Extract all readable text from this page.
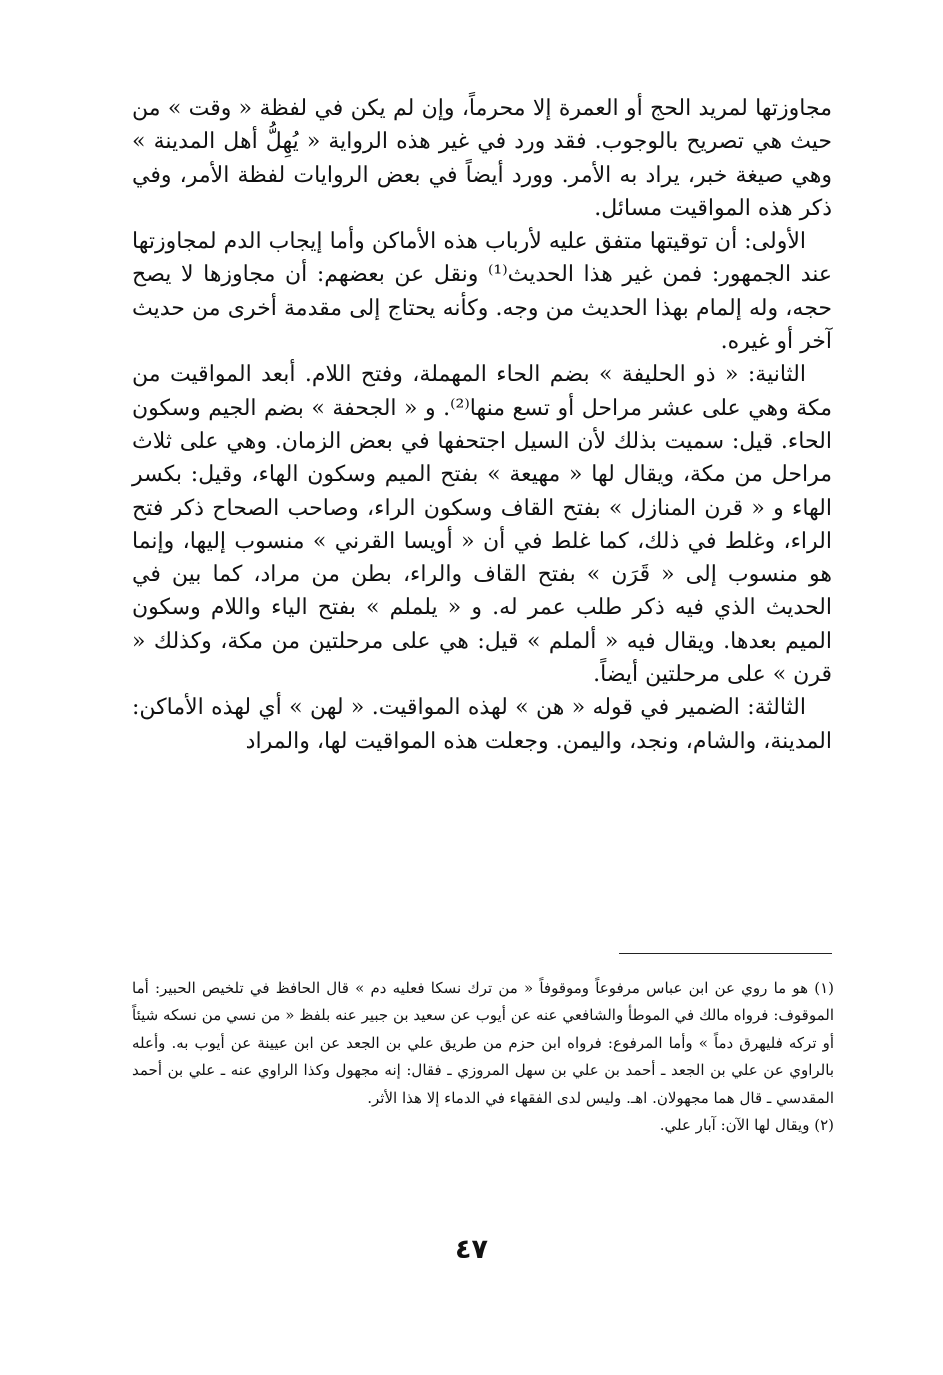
مجاوزتها لمريد الحج أو العمرة إلا محرماً، وإن لم يكن في لفظة « وقت » من حيث هي تصريح بالوجوب. فقد ورد في غير هذه الرواية « يُهِلُّ أهل المدينة » وهي صيغة خبر، يراد به الأمر. وورد أيضاً في بعض الروايات لفظة الأمر، وفي ذكر هذه المواقيت مسائل.

الأولى: أن توقيتها متفق عليه لأرباب هذه الأماكن وأما إيجاب الدم لمجاوزتها عند الجمهور: فمن غير هذا الحديث⁽¹⁾ ونقل عن بعضهم: أن مجاوزها لا يصح حجه، وله إلمام بهذا الحديث من وجه. وكأنه يحتاج إلى مقدمة أخرى من حديث آخر أو غيره.

الثانية: « ذو الحليفة » بضم الحاء المهملة، وفتح اللام. أبعد المواقيت من مكة وهي على عشر مراحل أو تسع منها⁽²⁾. و « الجحفة » بضم الجيم وسكون الحاء. قيل: سميت بذلك لأن السيل اجتحفها في بعض الزمان. وهي على ثلاث مراحل من مكة، ويقال لها « مهيعة » بفتح الميم وسكون الهاء، وقيل: بكسر الهاء و « قرن المنازل » بفتح القاف وسكون الراء، وصاحب الصحاح ذكر فتح الراء، وغلط في ذلك، كما غلط في أن « أويسا القرني » منسوب إليها، وإنما هو منسوب إلى « قَرَن » بفتح القاف والراء، بطن من مراد، كما بين في الحديث الذي فيه ذكر طلب عمر له. و « يلملم » بفتح الياء واللام وسكون الميم بعدها. ويقال فيه « ألملم » قيل: هي على مرحلتين من مكة، وكذلك « قرن » على مرحلتين أيضاً.

الثالثة: الضمير في قوله « هن » لهذه المواقيت. « لهن » أي لهذه الأماكن: المدينة، والشام، ونجد، واليمن. وجعلت هذه المواقيت لها، والمراد

(١) هو ما روي عن ابن عباس مرفوعاً وموقوفاً « من ترك نسكا فعليه دم » قال الحافظ في تلخيص الحبير: أما الموقوف: فرواه مالك في الموطأ والشافعي عنه عن أيوب عن سعيد بن جبير عنه بلفظ « من نسي من نسكه شيئاً أو تركه فليهرق دماً » وأما المرفوع: فرواه ابن حزم من طريق علي بن الجعد عن ابن عيينة عن أيوب به. وأعله بالراوي عن علي بن الجعد ـ أحمد بن علي بن سهل المروزي ـ فقال: إنه مجهول وكذا الراوي عنه ـ علي بن أحمد المقدسي ـ قال هما مجهولان. اهـ. وليس لدى الفقهاء في الدماء إلا هذا الأثر.

(٢) ويقال لها الآن: آبار علي.

٤٧
